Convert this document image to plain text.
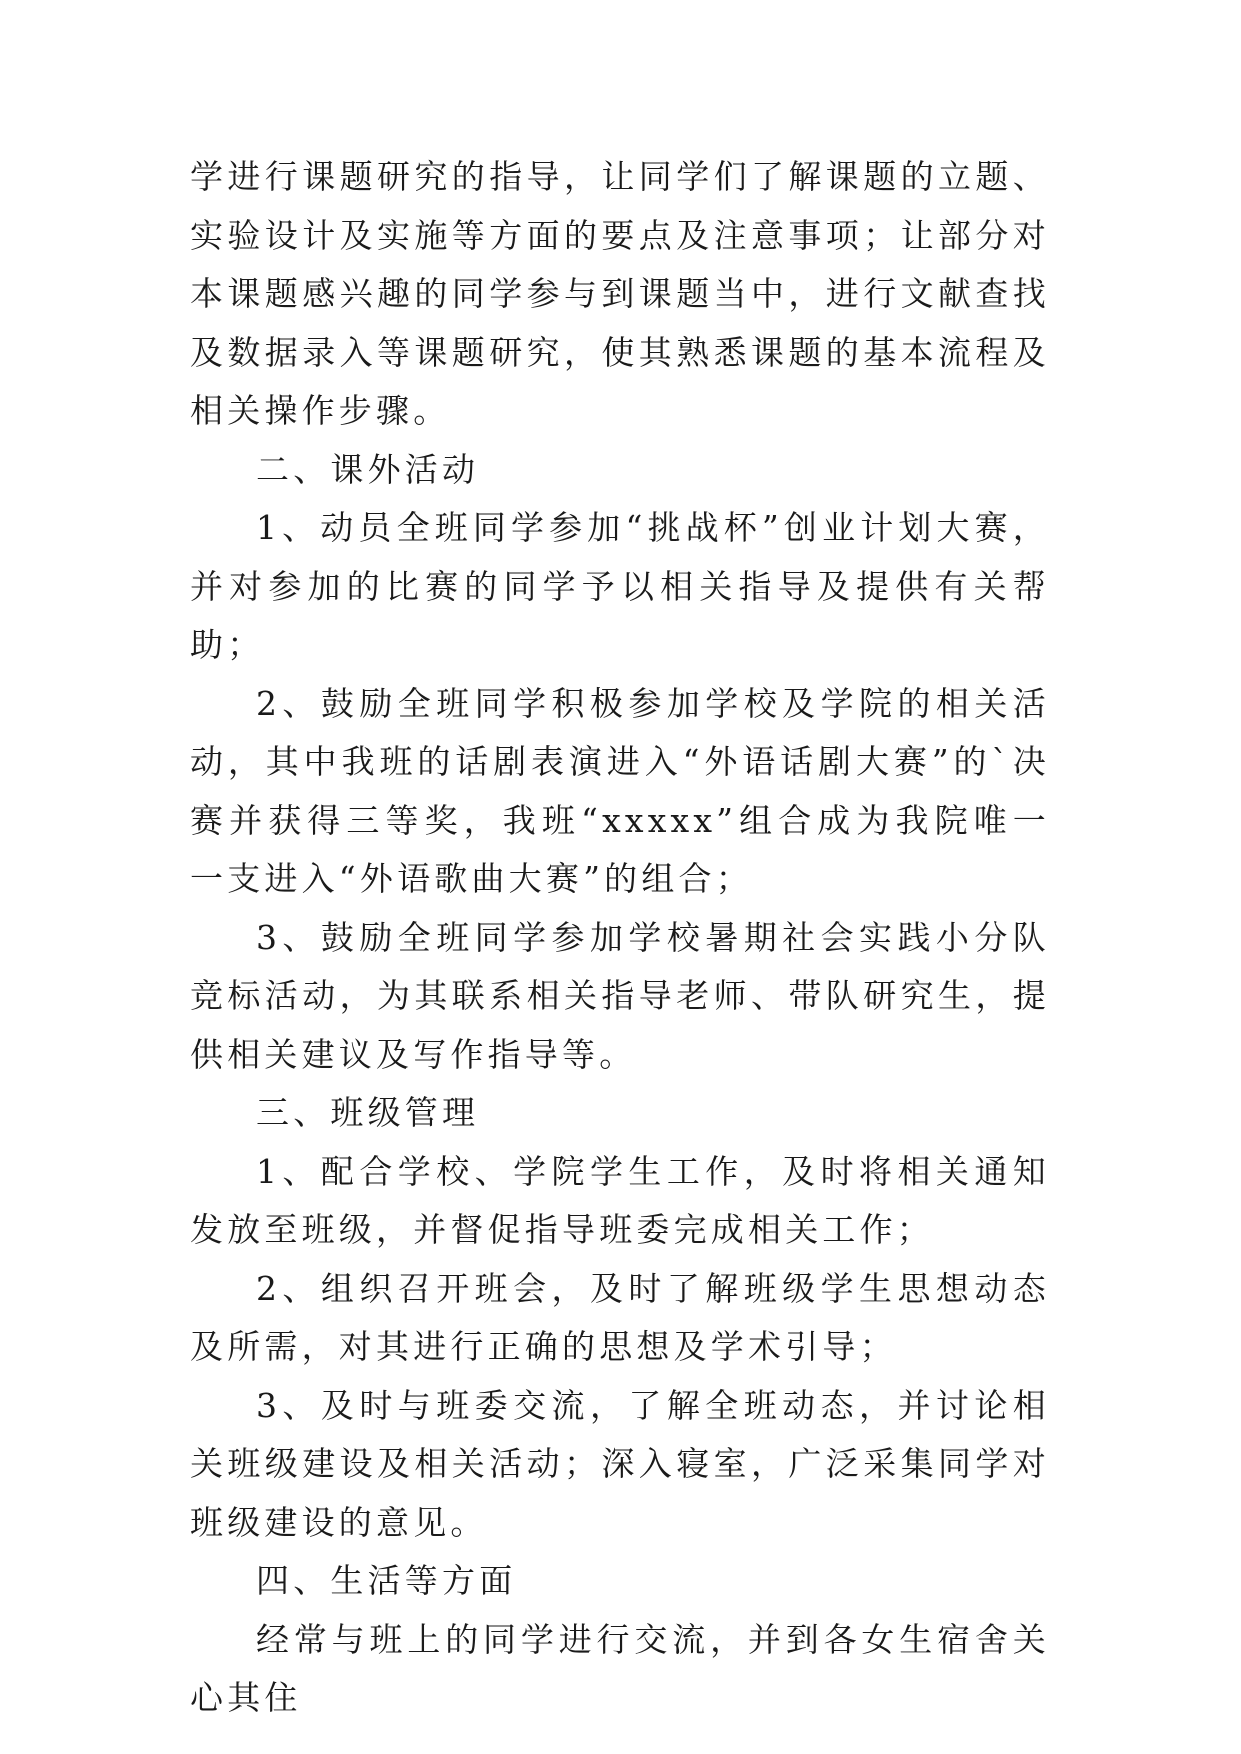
学进行课题研究的指导，让同学们了解课题的立题、实验设计及实施等方面的要点及注意事项；让部分对本课题感兴趣的同学参与到课题当中，进行文献查找及数据录入等课题研究，使其熟悉课题的基本流程及相关操作步骤。

二、课外活动

1、动员全班同学参加“挑战杯”创业计划大赛，并对参加的比赛的同学予以相关指导及提供有关帮助；

2、鼓励全班同学积极参加学校及学院的相关活动，其中我班的话剧表演进入“外语话剧大赛”的`决赛并获得三等奖，我班“xxxxx”组合成为我院唯一一支进入“外语歌曲大赛”的组合；

3、鼓励全班同学参加学校暑期社会实践小分队竞标活动，为其联系相关指导老师、带队研究生，提供相关建议及写作指导等。

三、班级管理

1、配合学校、学院学生工作，及时将相关通知发放至班级，并督促指导班委完成相关工作；

2、组织召开班会，及时了解班级学生思想动态及所需，对其进行正确的思想及学术引导；

3、及时与班委交流，了解全班动态，并讨论相关班级建设及相关活动；深入寝室，广泛采集同学对班级建设的意见。

四、生活等方面

经常与班上的同学进行交流，并到各女生宿舍关心其住
